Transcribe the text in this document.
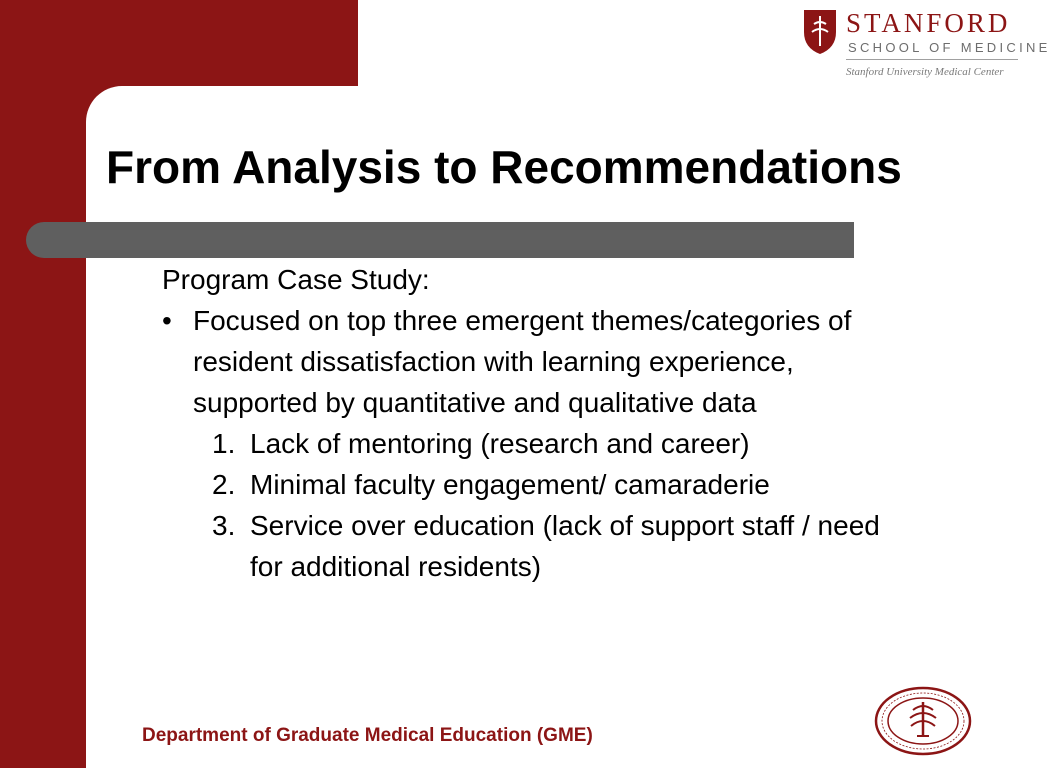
STANFORD
SCHOOL OF MEDICINE
Stanford University Medical Center
From Analysis to Recommendations

Program Case Study:

• Focused on top three emergent themes/categories of resident dissatisfaction with learning experience, supported by quantitative and qualitative data
1. Lack of mentoring (research and career)
2. Minimal faculty engagement/ camaraderie
3. Service over education (lack of support staff / need for additional residents)

Department of Graduate Medical Education (GME)
